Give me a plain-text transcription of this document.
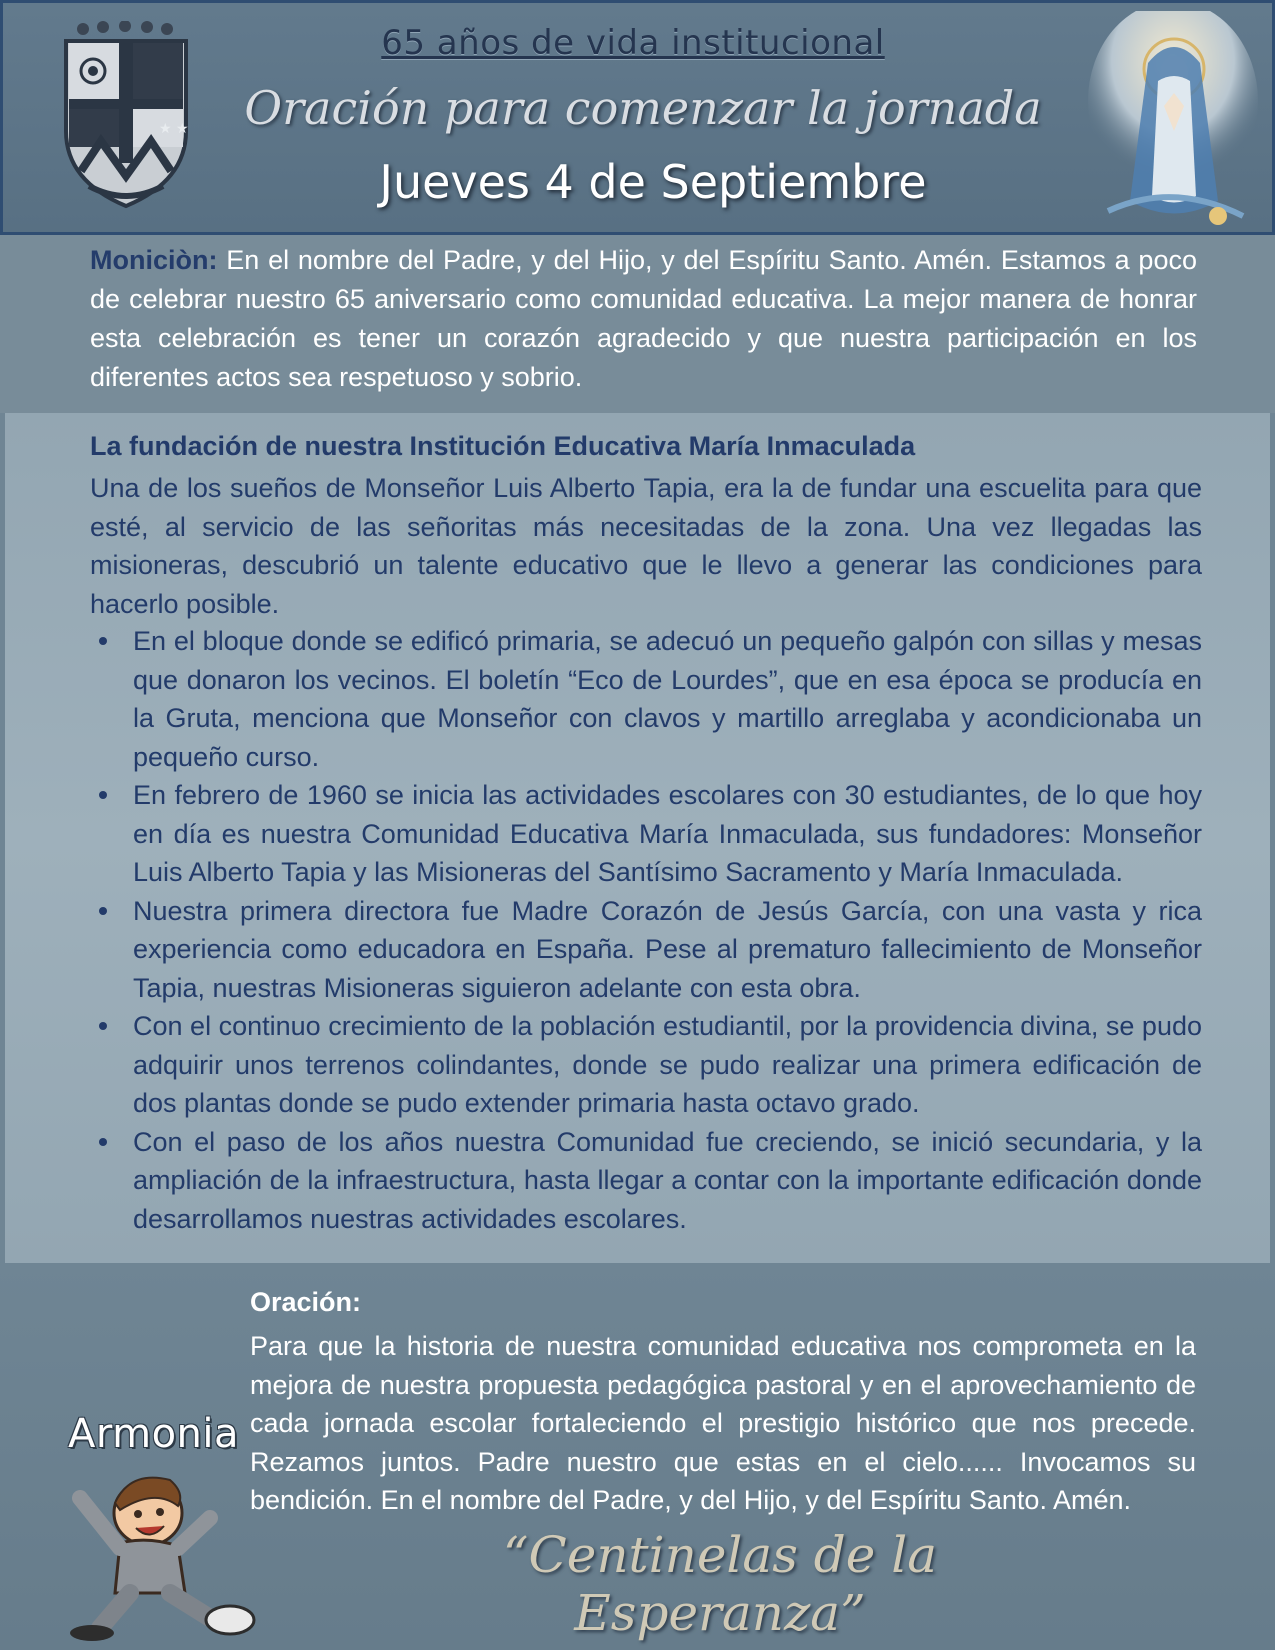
★ ★
65 años de vida institucional
Oración para comenzar la jornada
Jueves 4 de Septiembre

Moniciòn: En el nombre del Padre, y del Hijo, y del Espíritu Santo. Amén. Estamos a poco de celebrar nuestro 65 aniversario como comunidad educativa. La mejor manera de honrar esta celebración es tener un corazón agradecido y que nuestra participación en los diferentes actos sea respetuoso y sobrio.

La fundación de nuestra Institución Educativa María Inmaculada

Una de los sueños de Monseñor Luis Alberto Tapia, era la de fundar una escuelita para que esté, al servicio de las señoritas más necesitadas de la zona. Una vez llegadas las misioneras, descubrió un talente educativo que le llevo a generar las condiciones para hacerlo posible.

En el bloque donde se edificó primaria, se adecuó un pequeño galpón con sillas y mesas que donaron los vecinos. El boletín “Eco de Lourdes”, que en esa época se producía en la Gruta, menciona que Monseñor con clavos y martillo arreglaba y acondicionaba un pequeño curso.
En febrero de 1960 se inicia las actividades escolares con 30 estudiantes, de lo que hoy en día es nuestra Comunidad Educativa María Inmaculada, sus fundadores: Monseñor Luis Alberto Tapia y las Misioneras del Santísimo Sacramento y María Inmaculada.
Nuestra primera directora fue Madre Corazón de Jesús García, con una vasta y rica experiencia como educadora en España. Pese al prematuro fallecimiento de Monseñor Tapia, nuestras Misioneras siguieron adelante con esta obra.
Con el continuo crecimiento de la población estudiantil, por la providencia divina, se pudo adquirir unos terrenos colindantes, donde se pudo realizar una primera edificación de dos plantas donde se pudo extender primaria hasta octavo grado.
Con el paso de los años nuestra Comunidad fue creciendo, se inició secundaria, y la ampliación de la infraestructura, hasta llegar a contar con la importante edificación donde desarrollamos nuestras actividades escolares.

Oración:

Para que la historia de nuestra comunidad educativa nos comprometa en la mejora de nuestra propuesta pedagógica pastoral y en el aprovechamiento de cada jornada escolar fortaleciendo el prestigio histórico que nos precede. Rezamos juntos. Padre nuestro que estas en el cielo...... Invocamos su bendición. En el nombre del Padre, y del Hijo, y del Espíritu Santo. Amén.

Armonia
“Centinelas de la Esperanza”
